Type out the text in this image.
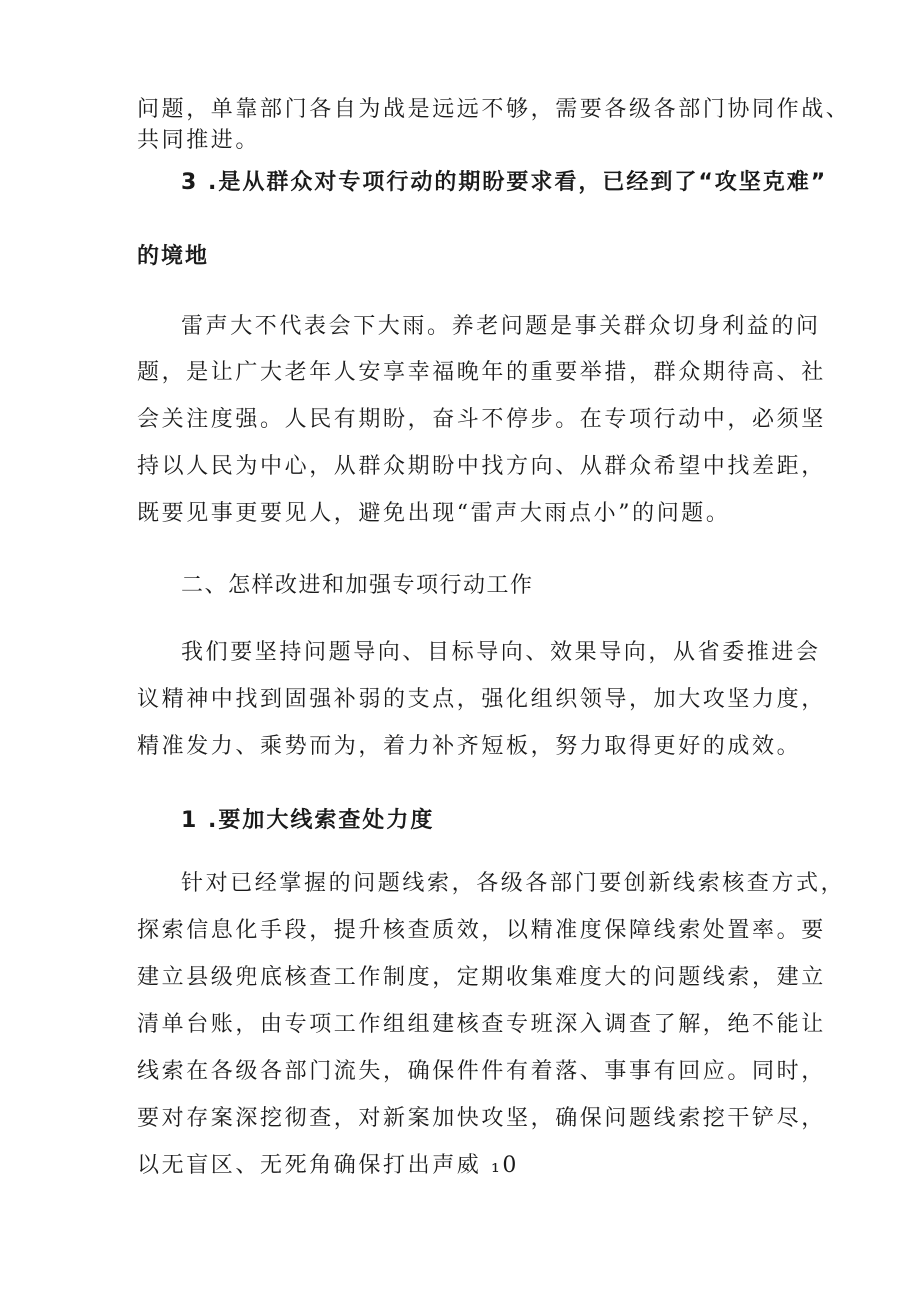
问题，单靠部门各自为战是远远不够，需要各级各部门协同作战、
共同推进。
3 .是从群众对专项行动的期盼要求看，已经到了“攻坚克难”
的境地
雷声大不代表会下大雨。养老问题是事关群众切身利益的问
题，是让广大老年人安享幸福晚年的重要举措，群众期待高、社
会关注度强。人民有期盼，奋斗不停步。在专项行动中，必须坚
持以人民为中心，从群众期盼中找方向、从群众希望中找差距，
既要见事更要见人，避免出现“雷声大雨点小”的问题。
二、怎样改进和加强专项行动工作
我们要坚持问题导向、目标导向、效果导向，从省委推进会
议精神中找到固强补弱的支点，强化组织领导，加大攻坚力度，
精准发力、乘势而为，着力补齐短板，努力取得更好的成效。
1 .要加大线索查处力度
针对已经掌握的问题线索，各级各部门要创新线索核查方式，
探索信息化手段，提升核查质效，以精准度保障线索处置率。要
建立县级兜底核查工作制度，定期收集难度大的问题线索，建立
清单台账，由专项工作组组建核查专班深入调查了解，绝不能让
线索在各级各部门流失，确保件件有着落、事事有回应。同时，
要对存案深挖彻查，对新案加快攻坚，确保问题线索挖干铲尽，
以无盲区、无死角确保打出声威 ₁0
